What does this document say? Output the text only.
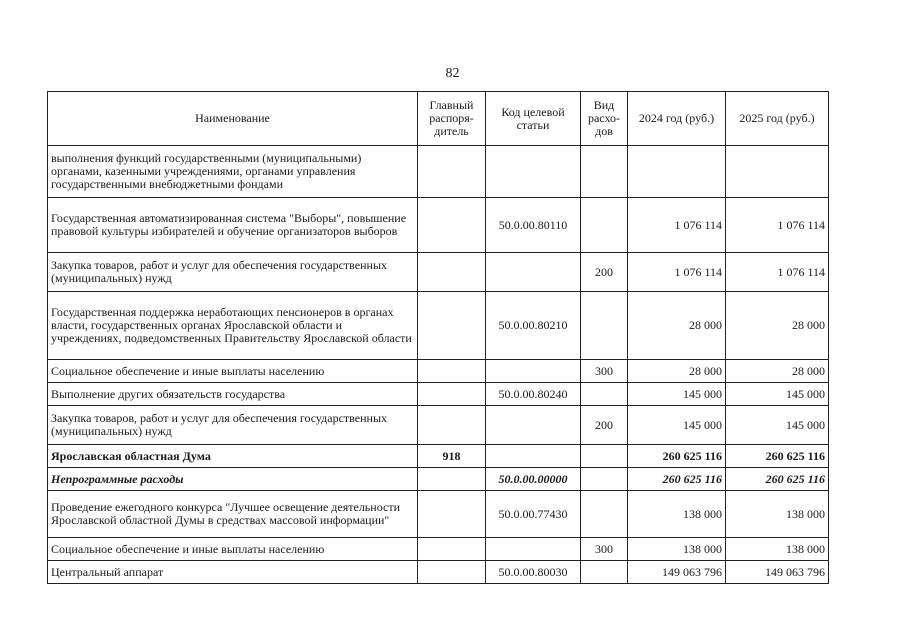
82
Наименование	Главный распоря-дитель	Код целевой статьи	Вид расхо-дов	2024 год (руб.)	2025 год (руб.)
выполнения функций государственными (муниципальными) органами, казенными учреждениями, органами управления государственными внебюджетными фондами					
Государственная автоматизированная система "Выборы", повышение правовой культуры избирателей и обучение организаторов выборов		50.0.00.80110		1 076 114	1 076 114
Закупка товаров, работ и услуг для обеспечения государственных (муниципальных) нужд			200	1 076 114	1 076 114
Государственная поддержка неработающих пенсионеров в органах власти, государственных органах Ярославской области и учреждениях, подведомственных Правительству Ярославской области		50.0.00.80210		28 000	28 000
Социальное обеспечение и иные выплаты населению			300	28 000	28 000
Выполнение других обязательств государства		50.0.00.80240		145 000	145 000
Закупка товаров, работ и услуг для обеспечения государственных (муниципальных) нужд			200	145 000	145 000
Ярославская областная Дума	918			260 625 116	260 625 116
Непрограммные расходы		50.0.00.00000		260 625 116	260 625 116
Проведение ежегодного конкурса "Лучшее освещение деятельности Ярославской областной Думы в средствах массовой информации"		50.0.00.77430		138 000	138 000
Социальное обеспечение и иные выплаты населению			300	138 000	138 000
Центральный аппарат		50.0.00.80030		149 063 796	149 063 796
